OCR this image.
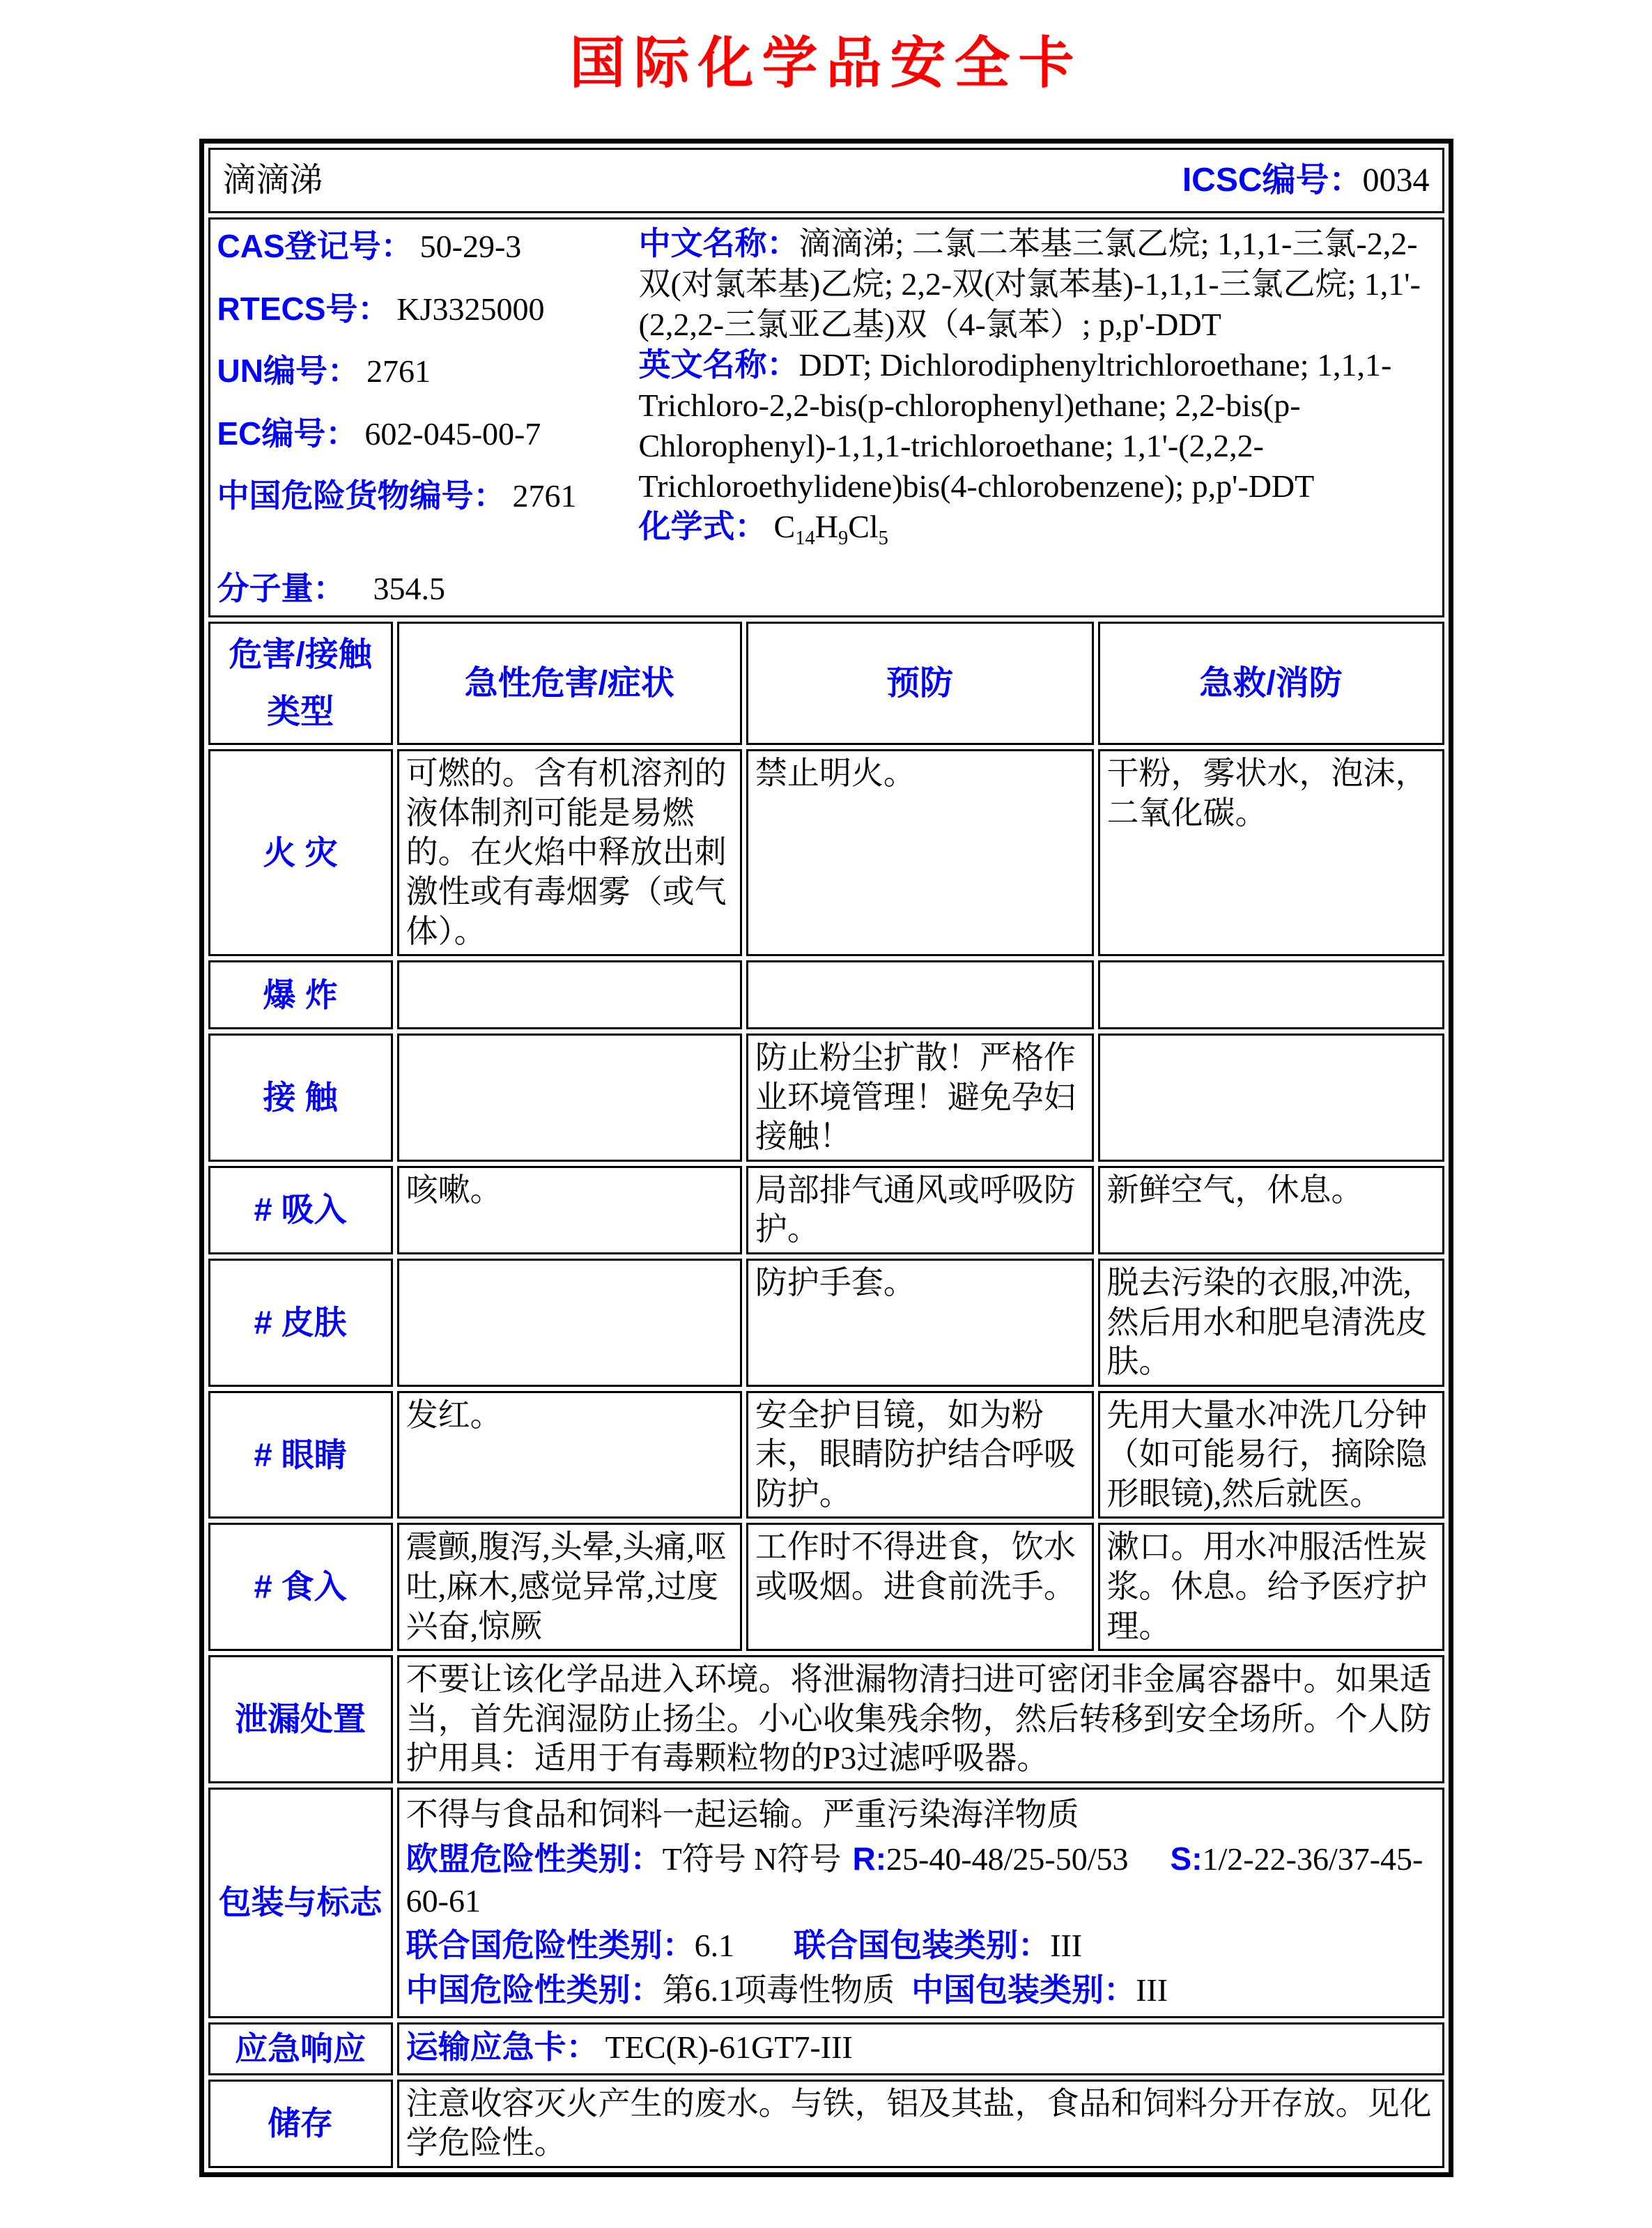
国际化学品安全卡
滴滴涕 ICSC编号：0034			

CAS登记号： 50-29-3
RTECS号： KJ3325000
UN编号： 2761
EC编号： 602-045-00-7
中国危险货物编号： 2761
分子量： 354.5
中文名称：滴滴涕; 二氯二苯基三氯乙烷; 1,1,1-三氯-2,2-双(对氯苯基)乙烷; 2,2-双(对氯苯基)-1,1,1-三氯乙烷; 1,1'-(2,2,2-三氯亚乙基)双（4-氯苯）; p,p'-DDT
英文名称：DDT; Dichlorodiphenyltrichloroethane; 1,1,1-Trichloro-2,2-bis(p-chlorophenyl)ethane; 2,2-bis(p-Chlorophenyl)-1,1,1-trichloroethane; 1,1'-(2,2,2-Trichloroethylidene)bis(4-chlorobenzene); p,p'-DDT
化学式： $C_{14}H_9Cl_5$

危害/接触
类型	急性危害/症状	预防	急救/消防
火 灾	可燃的。含有机溶剂的液体制剂可能是易燃的。在火焰中释放出刺激性或有毒烟雾（或气体）。	禁止明火。	干粉，雾状水，泡沫，二氧化碳。
爆 炸			
接 触		防止粉尘扩散！严格作业环境管理！避免孕妇接触！	
# 吸入	咳嗽。	局部排气通风或呼吸防护。	新鲜空气，休息。
# 皮肤		防护手套。	脱去污染的衣服,冲洗,然后用水和肥皂清洗皮肤。
# 眼睛	发红。	安全护目镜，如为粉末，眼睛防护结合呼吸防护。	先用大量水冲洗几分钟（如可能易行，摘除隐形眼镜),然后就医。
# 食入	震颤,腹泻,头晕,头痛,呕吐,麻木,感觉异常,过度兴奋,惊厥	工作时不得进食，饮水或吸烟。进食前洗手。	漱口。用水冲服活性炭浆。休息。给予医疗护理。
泄漏处置	不要让该化学品进入环境。将泄漏物清扫进可密闭非金属容器中。如果适当，首先润湿防止扬尘。小心收集残余物，然后转移到安全场所。个人防护用具：适用于有毒颗粒物的P3过滤呼吸器。		
包装与标志	不得与食品和饲料一起运输。严重污染海洋物质
欧盟危险性类别：T符号 N符号 R:25-40-48/25-50/53 S:1/2-22-36/37-45-60-61
联合国危险性类别：6.1 联合国包装类别：III
中国危险性类别：第6.1项毒性物质 中国包装类别：III		

应急响应	运输应急卡： TEC(R)-61GT7-III		
储存	注意收容灭火产生的废水。与铁，铝及其盐，食品和饲料分开存放。见化学危险性。		
